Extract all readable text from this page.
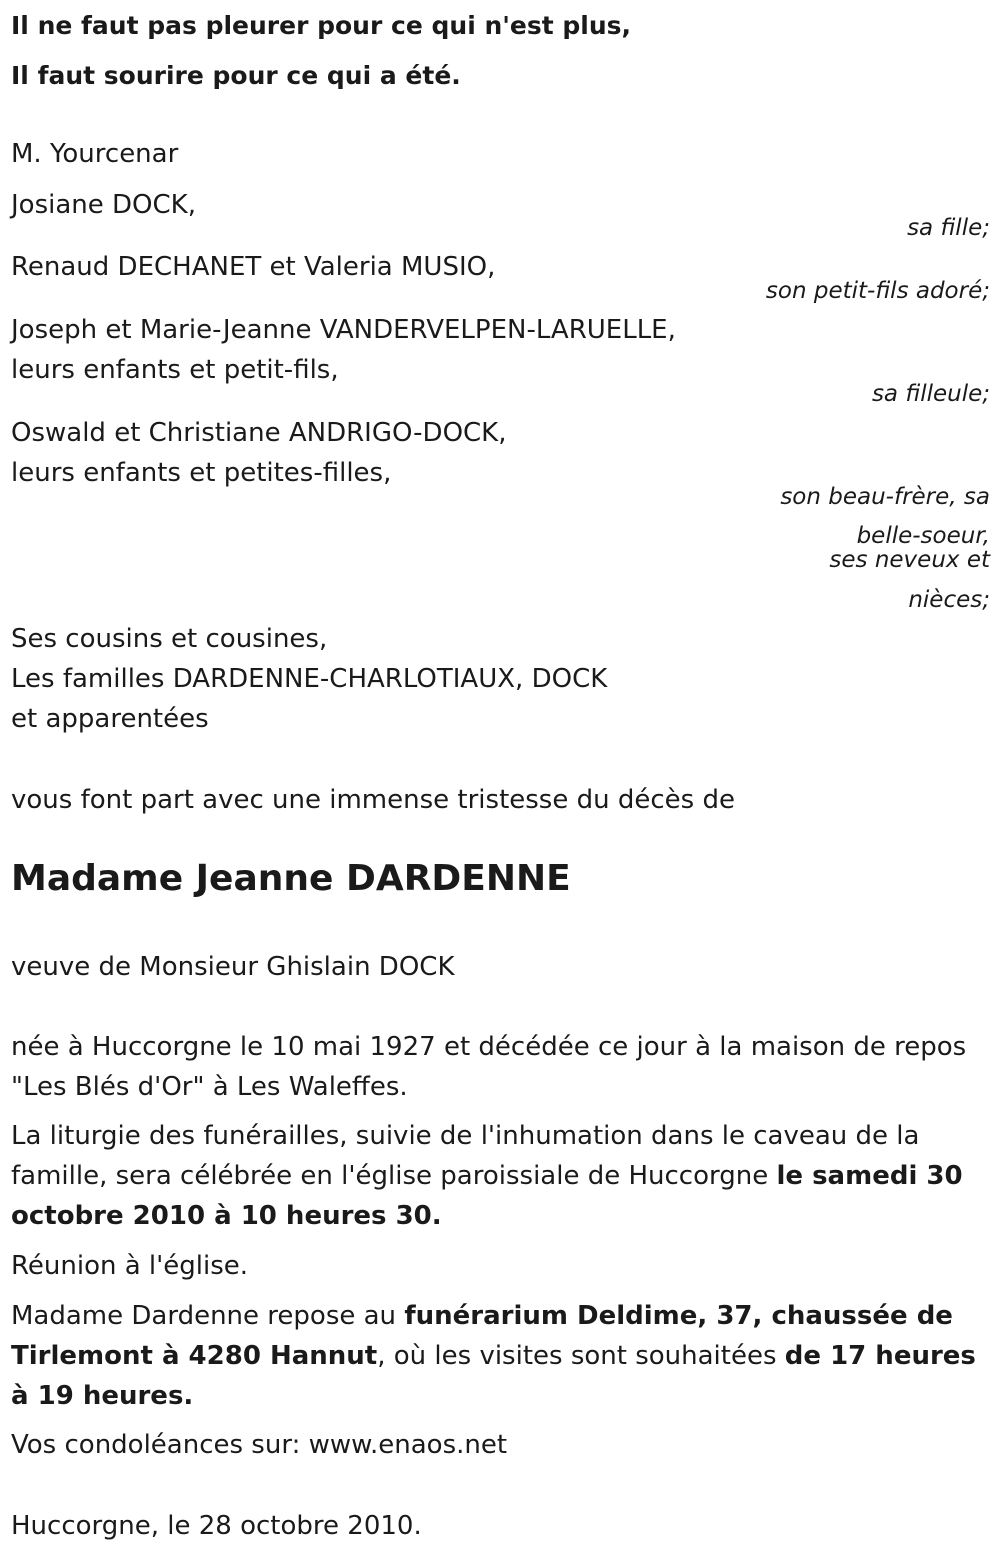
Il ne faut pas pleurer pour ce qui n'est plus,

Il faut sourire pour ce qui a été.

M. Yourcenar

Josiane DOCK,

sa fille;

Renaud DECHANET et Valeria MUSIO,

son petit-fils adoré;

Joseph et Marie-Jeanne VANDERVELPEN-LARUELLE,

leurs enfants et petit-fils,

sa filleule;

Oswald et Christiane ANDRIGO-DOCK,

leurs enfants et petites-filles,

son beau-frère, sa

belle-soeur,

ses neveux et

nièces;

Ses cousins et cousines,

Les familles DARDENNE-CHARLOTIAUX, DOCK

et apparentées

vous font part avec une immense tristesse du décès de

Madame Jeanne DARDENNE

veuve de Monsieur Ghislain DOCK

née à Huccorgne le 10 mai 1927 et décédée ce jour à la maison de repos

"Les Blés d'Or" à Les Waleffes.

La liturgie des funérailles, suivie de l'inhumation dans le caveau de la famille, sera célébrée en l'église paroissiale de Huccorgne le samedi 30 octobre 2010 à 10 heures 30.

Réunion à l'église.

Madame Dardenne repose au funérarium Deldime, 37, chaussée de Tirlemont à 4280 Hannut, où les visites sont souhaitées de 17 heures à 19 heures.

Vos condoléances sur: www.enaos.net

Huccorgne, le 28 octobre 2010.
